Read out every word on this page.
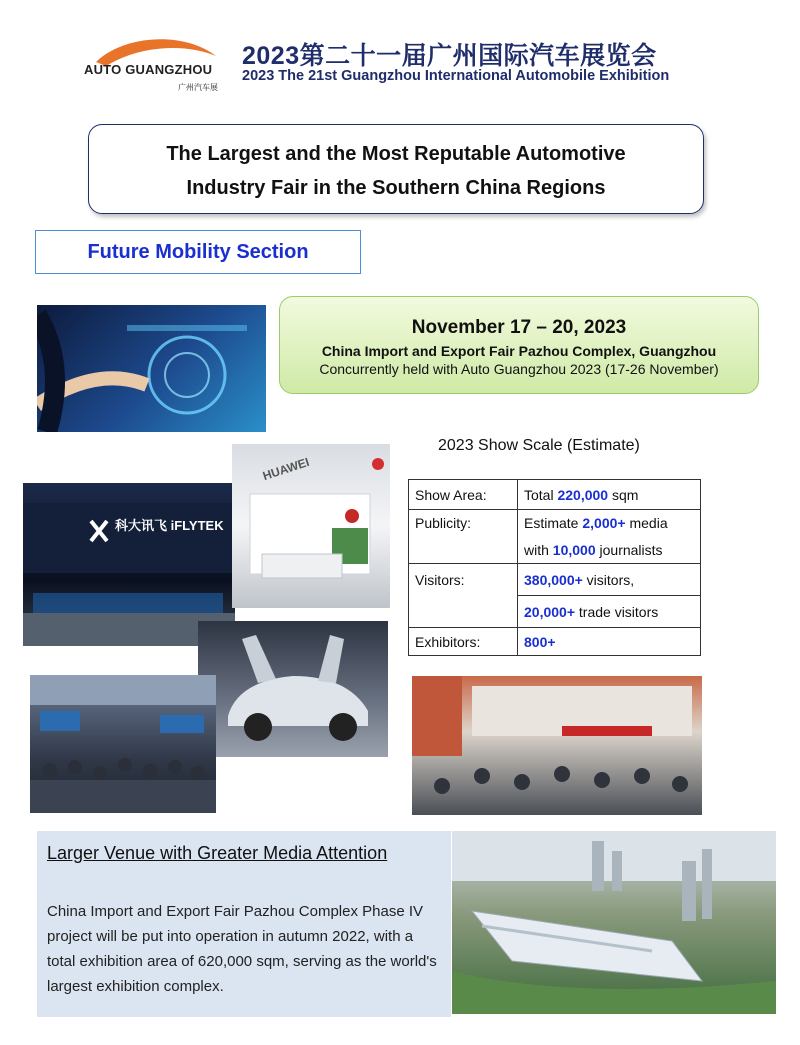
AUTO GUANGZHOU
广州汽车展
2023第二十一届广州国际汽车展览会
2023 The 21st Guangzhou International Automobile Exhibition
The Largest and the Most Reputable Automotive
Industry Fair in the Southern China Regions
Future Mobility Section
November 17 – 20, 2023
China Import and Export Fair Pazhou Complex, Guangzhou
Concurrently held with Auto Guangzhou 2023 (17-26 November)
科大讯飞 iFLYTEK
HUAWEI
2023 Show Scale (Estimate)
Show Area:	Total 220,000 sqm
Publicity:	Estimate 2,000+ media
	with 10,000 journalists
Visitors:	380,000+ visitors,
	20,000+ trade visitors
Exhibitors:	800+
Larger Venue with Greater Media Attention
China Import and Export Fair Pazhou Complex Phase IV project will be put into operation in autumn 2022, with a total exhibition area of 620,000 sqm, serving as the world's largest exhibition complex.
